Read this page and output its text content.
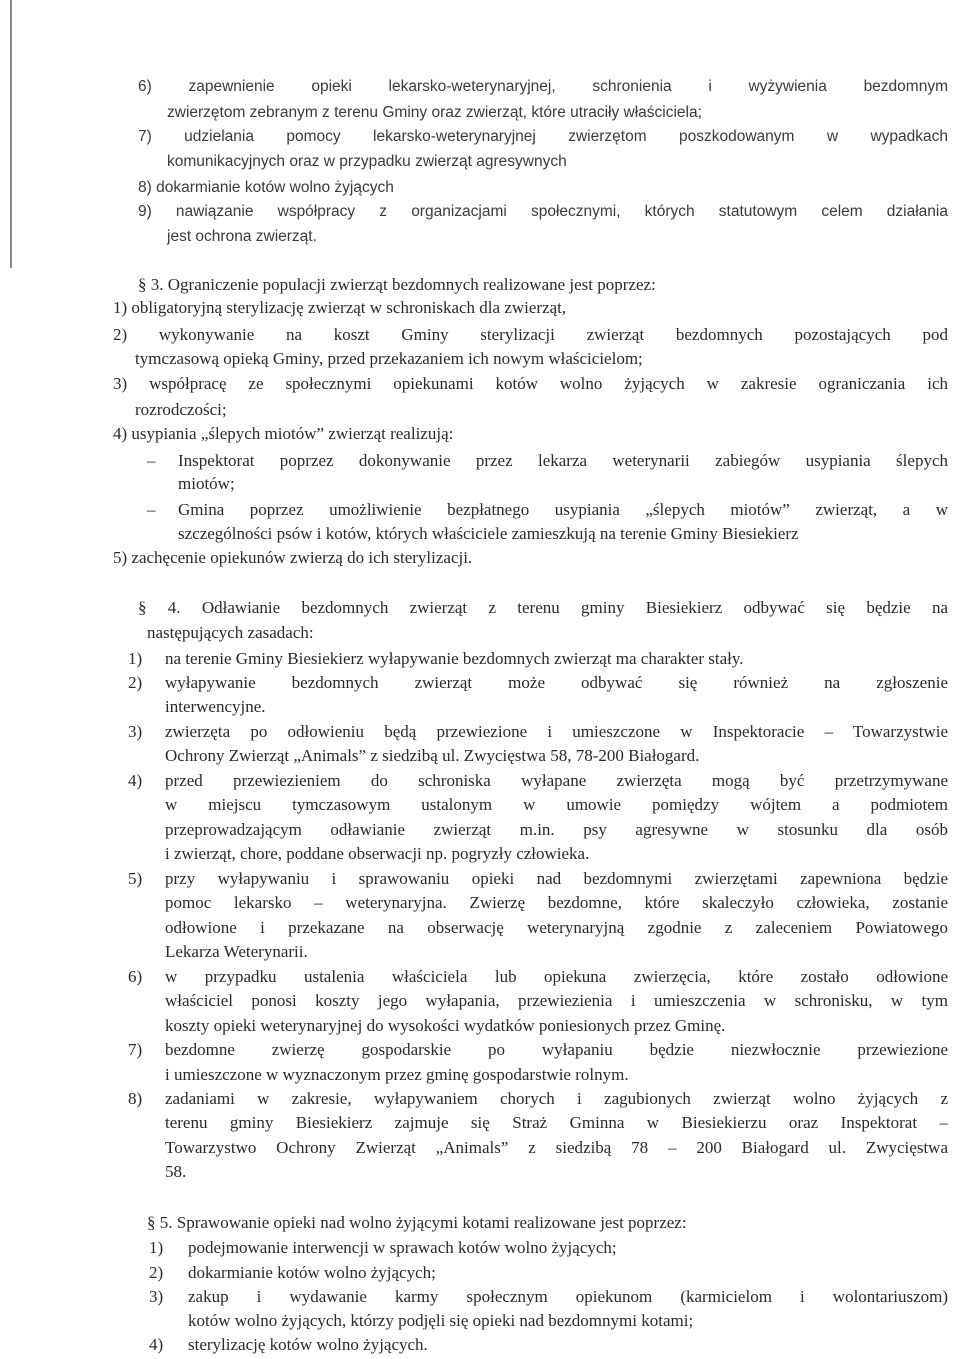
6) zapewnienie opieki lekarsko-weterynaryjnej, schronienia i wyżywienia bezdomnym
zwierzętom zebranym z terenu Gminy oraz zwierząt, które utraciły właściciela;
7) udzielania pomocy lekarsko-weterynaryjnej zwierzętom poszkodowanym w wypadkach
komunikacyjnych oraz w przypadku zwierząt agresywnych
8) dokarmianie kotów wolno żyjących
9) nawiązanie współpracy z organizacjami społecznymi, których statutowym celem działania
jest ochrona zwierząt.
§ 3. Ograniczenie populacji zwierząt bezdomnych realizowane jest poprzez:
1) obligatoryjną sterylizację zwierząt w schroniskach dla zwierząt,
2) wykonywanie na koszt Gminy sterylizacji zwierząt bezdomnych pozostających pod
tymczasową opieką Gminy, przed przekazaniem ich nowym właścicielom;
3) współpracę ze społecznymi opiekunami kotów wolno żyjących w zakresie ograniczania ich
rozrodczości;
4) usypiania „ślepych miotów” zwierząt realizują:
– Inspektorat poprzez dokonywanie przez lekarza weterynarii zabiegów usypiania ślepych
miotów;
– Gmina poprzez umożliwienie bezpłatnego usypiania „ślepych miotów” zwierząt, a w
szczególności psów i kotów, których właściciele zamieszkują na terenie Gminy Biesiekierz
5) zachęcenie opiekunów zwierzą do ich sterylizacji.
§ 4. Odławianie bezdomnych zwierząt z terenu gminy Biesiekierz odbywać się będzie na
następujących zasadach:
1) na terenie Gminy Biesiekierz wyłapywanie bezdomnych zwierząt ma charakter stały.
2) wyłapywanie bezdomnych zwierząt może odbywać się również na zgłoszenie
interwencyjne.
3) zwierzęta po odłowieniu będą przewiezione i umieszczone w Inspektoracie – Towarzystwie
Ochrony Zwierząt „Animals” z siedzibą ul. Zwycięstwa 58, 78-200 Białogard.
4) przed przewiezieniem do schroniska wyłapane zwierzęta mogą być przetrzymywane
w miejscu tymczasowym ustalonym w umowie pomiędzy wójtem a podmiotem
przeprowadzającym odławianie zwierząt m.in. psy agresywne w stosunku dla osób
i zwierząt, chore, poddane obserwacji np. pogryzły człowieka.
5) przy wyłapywaniu i sprawowaniu opieki nad bezdomnymi zwierzętami zapewniona będzie
pomoc lekarsko – weterynaryjna. Zwierzę bezdomne, które skaleczyło człowieka, zostanie
odłowione i przekazane na obserwację weterynaryjną zgodnie z zaleceniem Powiatowego
Lekarza Weterynarii.
6) w przypadku ustalenia właściciela lub opiekuna zwierzęcia, które zostało odłowione
właściciel ponosi koszty jego wyłapania, przewiezienia i umieszczenia w schronisku, w tym
koszty opieki weterynaryjnej do wysokości wydatków poniesionych przez Gminę.
7) bezdomne zwierzę gospodarskie po wyłapaniu będzie niezwłocznie przewiezione
i umieszczone w wyznaczonym przez gminę gospodarstwie rolnym.
8) zadaniami w zakresie, wyłapywaniem chorych i zagubionych zwierząt wolno żyjących z
terenu gminy Biesiekierz zajmuje się Straż Gminna w Biesiekierzu oraz Inspektorat –
Towarzystwo Ochrony Zwierząt „Animals” z siedzibą 78 – 200 Białogard ul. Zwycięstwa
58.
§ 5. Sprawowanie opieki nad wolno żyjącymi kotami realizowane jest poprzez:
1) podejmowanie interwencji w sprawach kotów wolno żyjących;
2) dokarmianie kotów wolno żyjących;
3) zakup i wydawanie karmy społecznym opiekunom (karmicielom i wolontariuszom)
kotów wolno żyjących, którzy podjęli się opieki nad bezdomnymi kotami;
4) sterylizację kotów wolno żyjących.
